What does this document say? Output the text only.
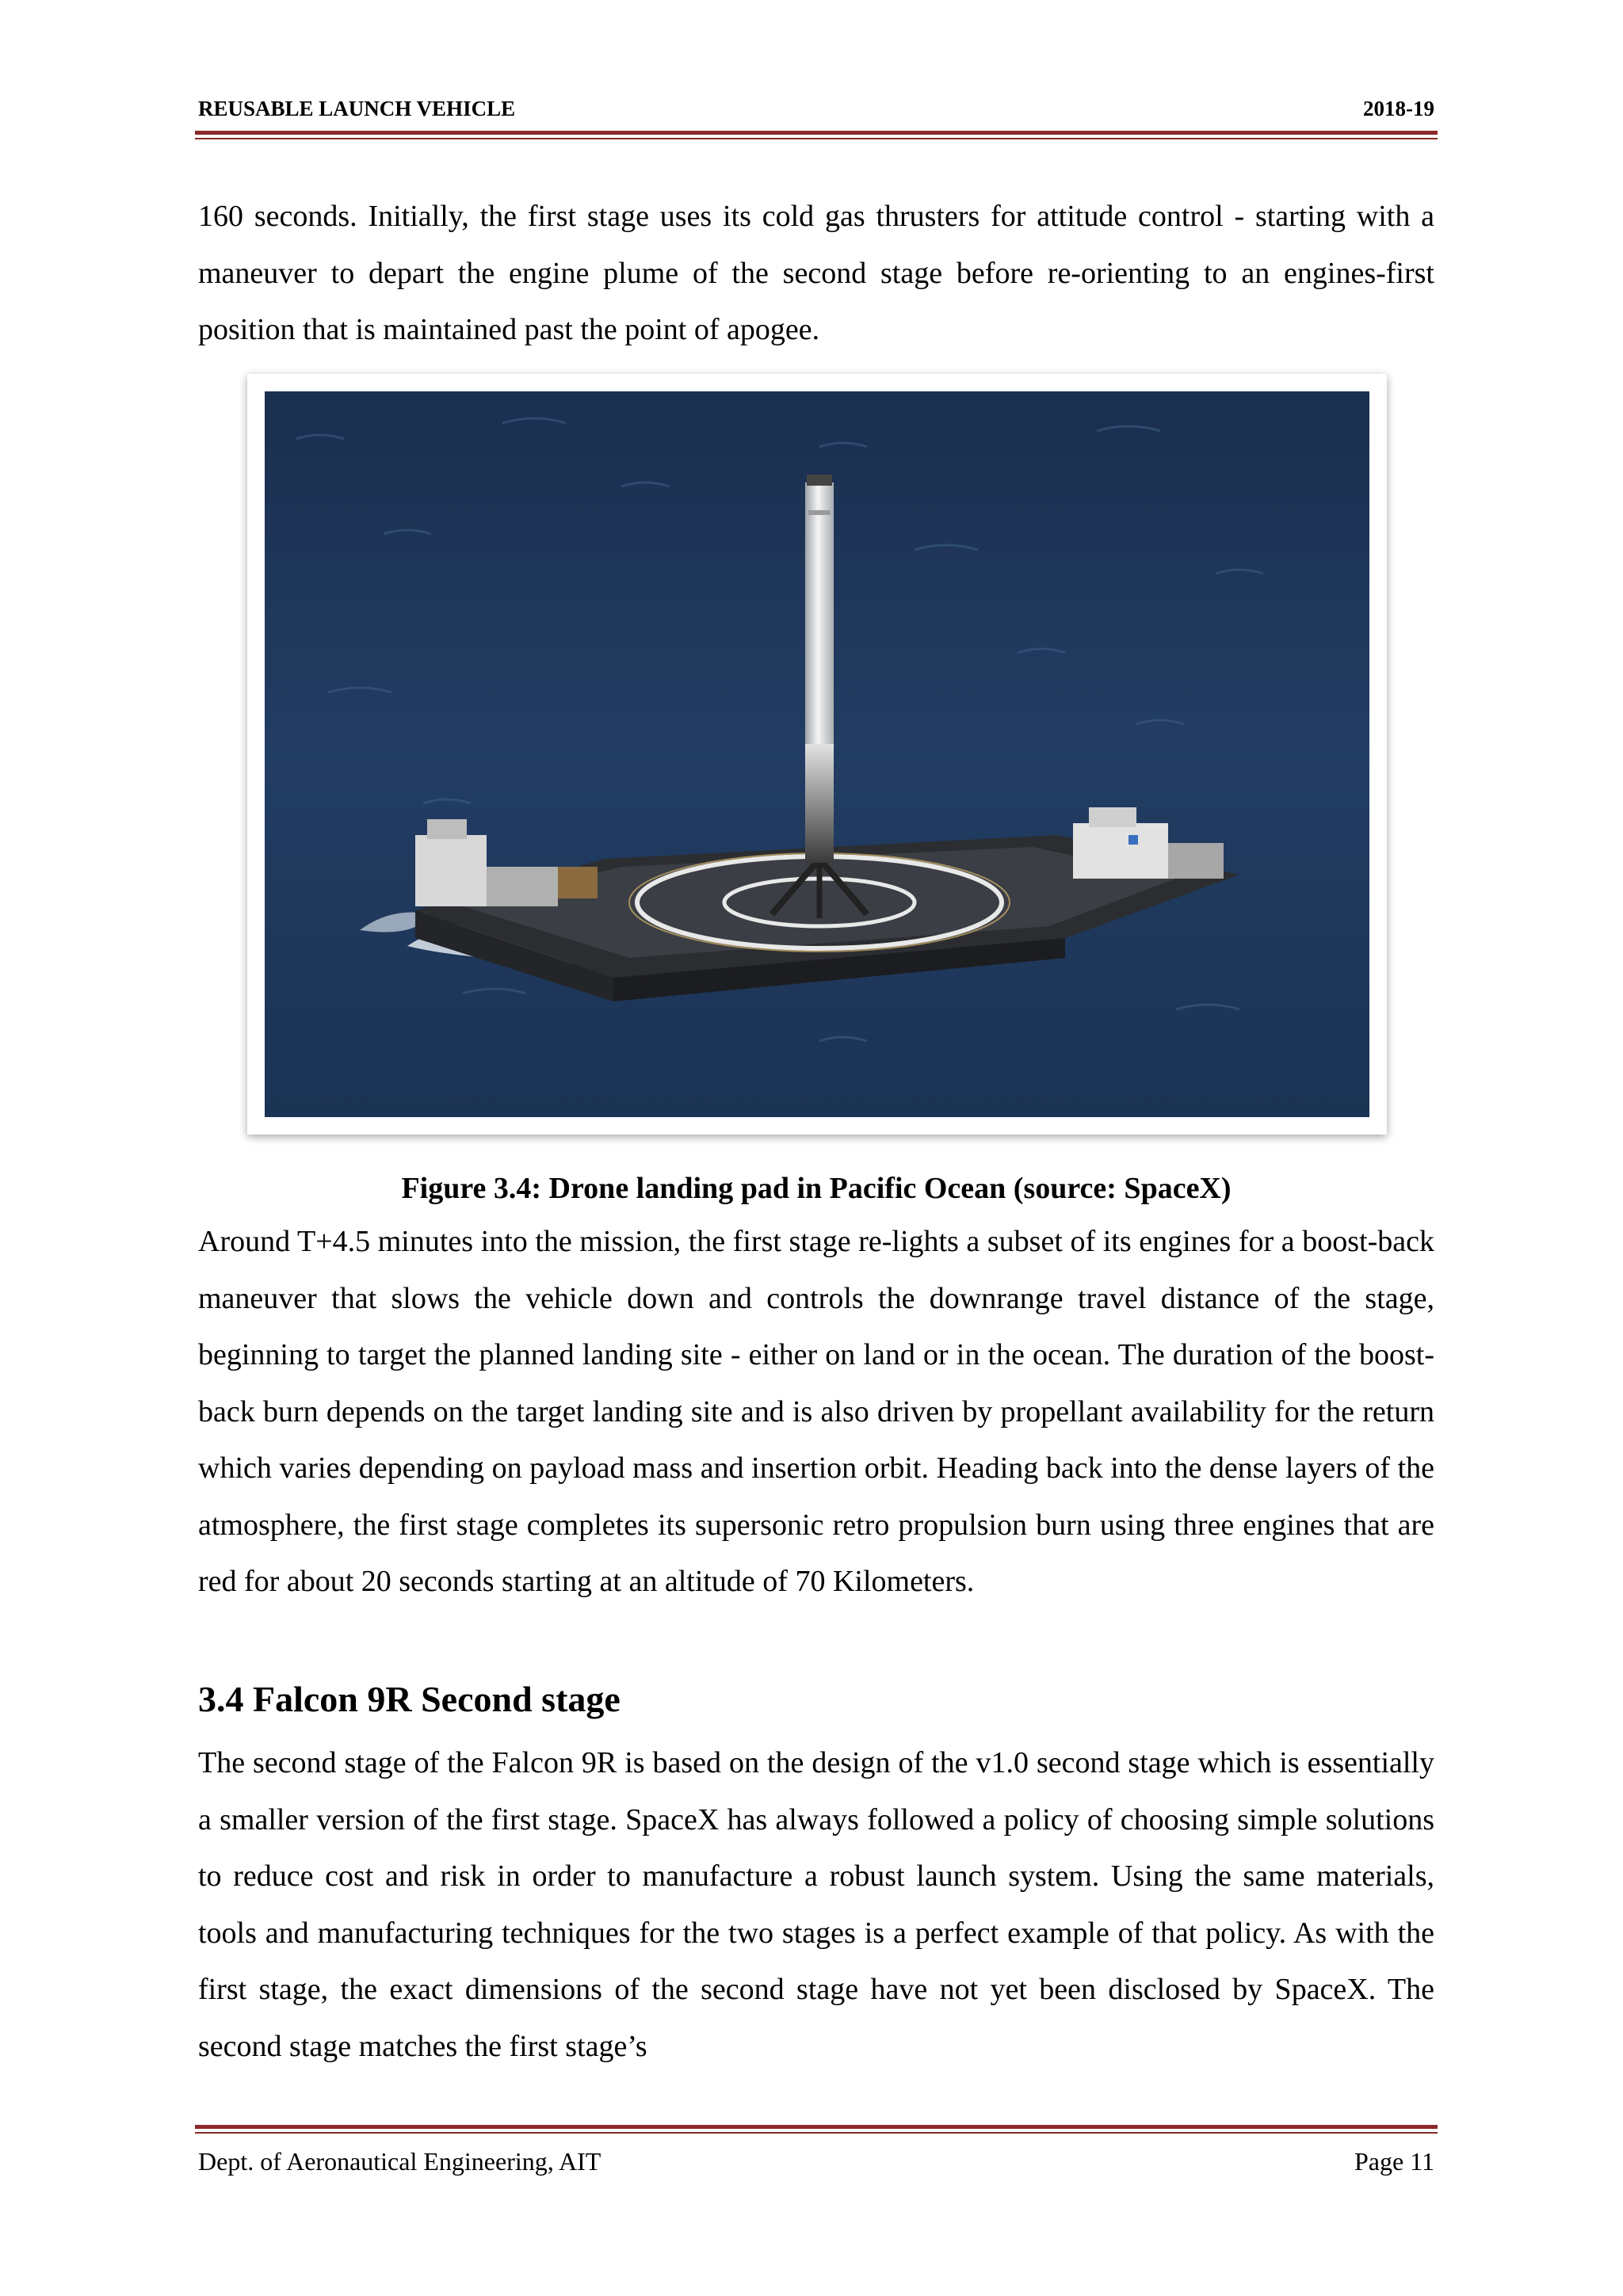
REUSABLE LAUNCH VEHICLE	2018-19

160 seconds. Initially, the first stage uses its cold gas thrusters for attitude control - starting with a maneuver to depart the engine plume of the second stage before re-orienting to an engines-first position that is maintained past the point of apogee.

Figure 3.4: Drone landing pad in Pacific Ocean (source: SpaceX)

Around T+4.5 minutes into the mission, the first stage re-lights a subset of its engines for a boost-back maneuver that slows the vehicle down and controls the downrange travel distance of the stage, beginning to target the planned landing site - either on land or in the ocean. The duration of the boost-back burn depends on the target landing site and is also driven by propellant availability for the return which varies depending on payload mass and insertion orbit. Heading back into the dense layers of the atmosphere, the first stage completes its supersonic retro propulsion burn using three engines that are red for about 20 seconds starting at an altitude of 70 Kilometers.

3.4 Falcon 9R Second stage

The second stage of the Falcon 9R is based on the design of the v1.0 second stage which is essentially a smaller version of the first stage. SpaceX has always followed a policy of choosing simple solutions to reduce cost and risk in order to manufacture a robust launch system. Using the same materials, tools and manufacturing techniques for the two stages is a perfect example of that policy. As with the first stage, the exact dimensions of the second stage have not yet been disclosed by SpaceX. The second stage matches the first stage’s

Dept. of Aeronautical Engineering, AIT	Page 11
